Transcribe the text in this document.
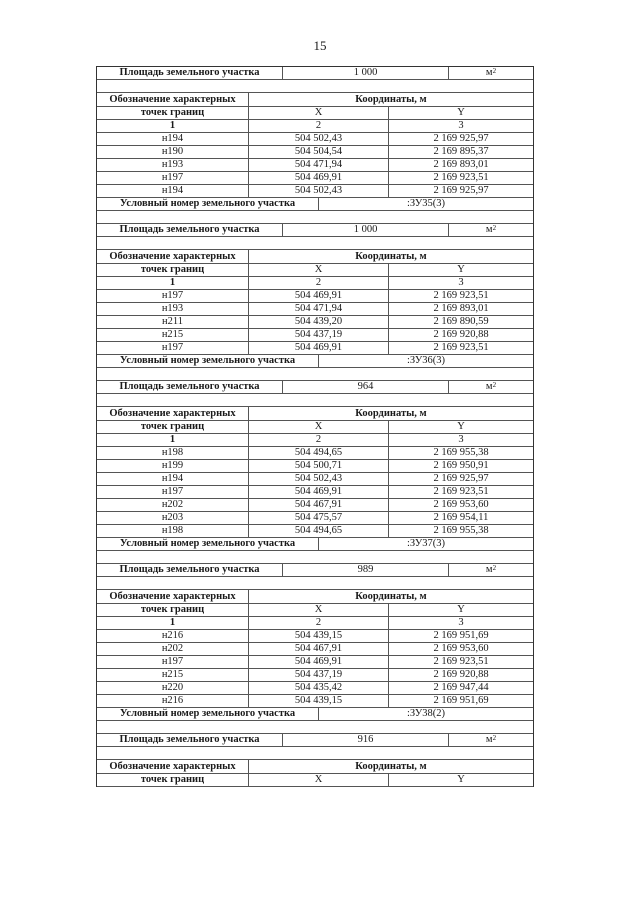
15
Площадь земельного участка	1 000	$м^2$
Обозначение характерных	Координаты, м
точек границ	X	Y
1	2	3
н194	504 502,43	2 169 925,97
н190	504 504,54	2 169 895,37
н193	504 471,94	2 169 893,01
н197	504 469,91	2 169 923,51
н194	504 502,43	2 169 925,97
Условный номер земельного участка	:ЗУ35(3)
Площадь земельного участка	1 000	$м^2$
Обозначение характерных	Координаты, м
точек границ	X	Y
1	2	3
н197	504 469,91	2 169 923,51
н193	504 471,94	2 169 893,01
н211	504 439,20	2 169 890,59
н215	504 437,19	2 169 920,88
н197	504 469,91	2 169 923,51
Условный номер земельного участка	:ЗУ36(3)
Площадь земельного участка	964	$м^2$
Обозначение характерных	Координаты, м
точек границ	X	Y
1	2	3
н198	504 494,65	2 169 955,38
н199	504 500,71	2 169 950,91
н194	504 502,43	2 169 925,97
н197	504 469,91	2 169 923,51
н202	504 467,91	2 169 953,60
н203	504 475,57	2 169 954,11
н198	504 494,65	2 169 955,38
Условный номер земельного участка	:ЗУ37(3)
Площадь земельного участка	989	$м^2$
Обозначение характерных	Координаты, м
точек границ	X	Y
1	2	3
н216	504 439,15	2 169 951,69
н202	504 467,91	2 169 953,60
н197	504 469,91	2 169 923,51
н215	504 437,19	2 169 920,88
н220	504 435,42	2 169 947,44
н216	504 439,15	2 169 951,69
Условный номер земельного участка	:ЗУ38(2)
Площадь земельного участка	916	$м^2$
Обозначение характерных	Координаты, м
точек границ	X	Y
